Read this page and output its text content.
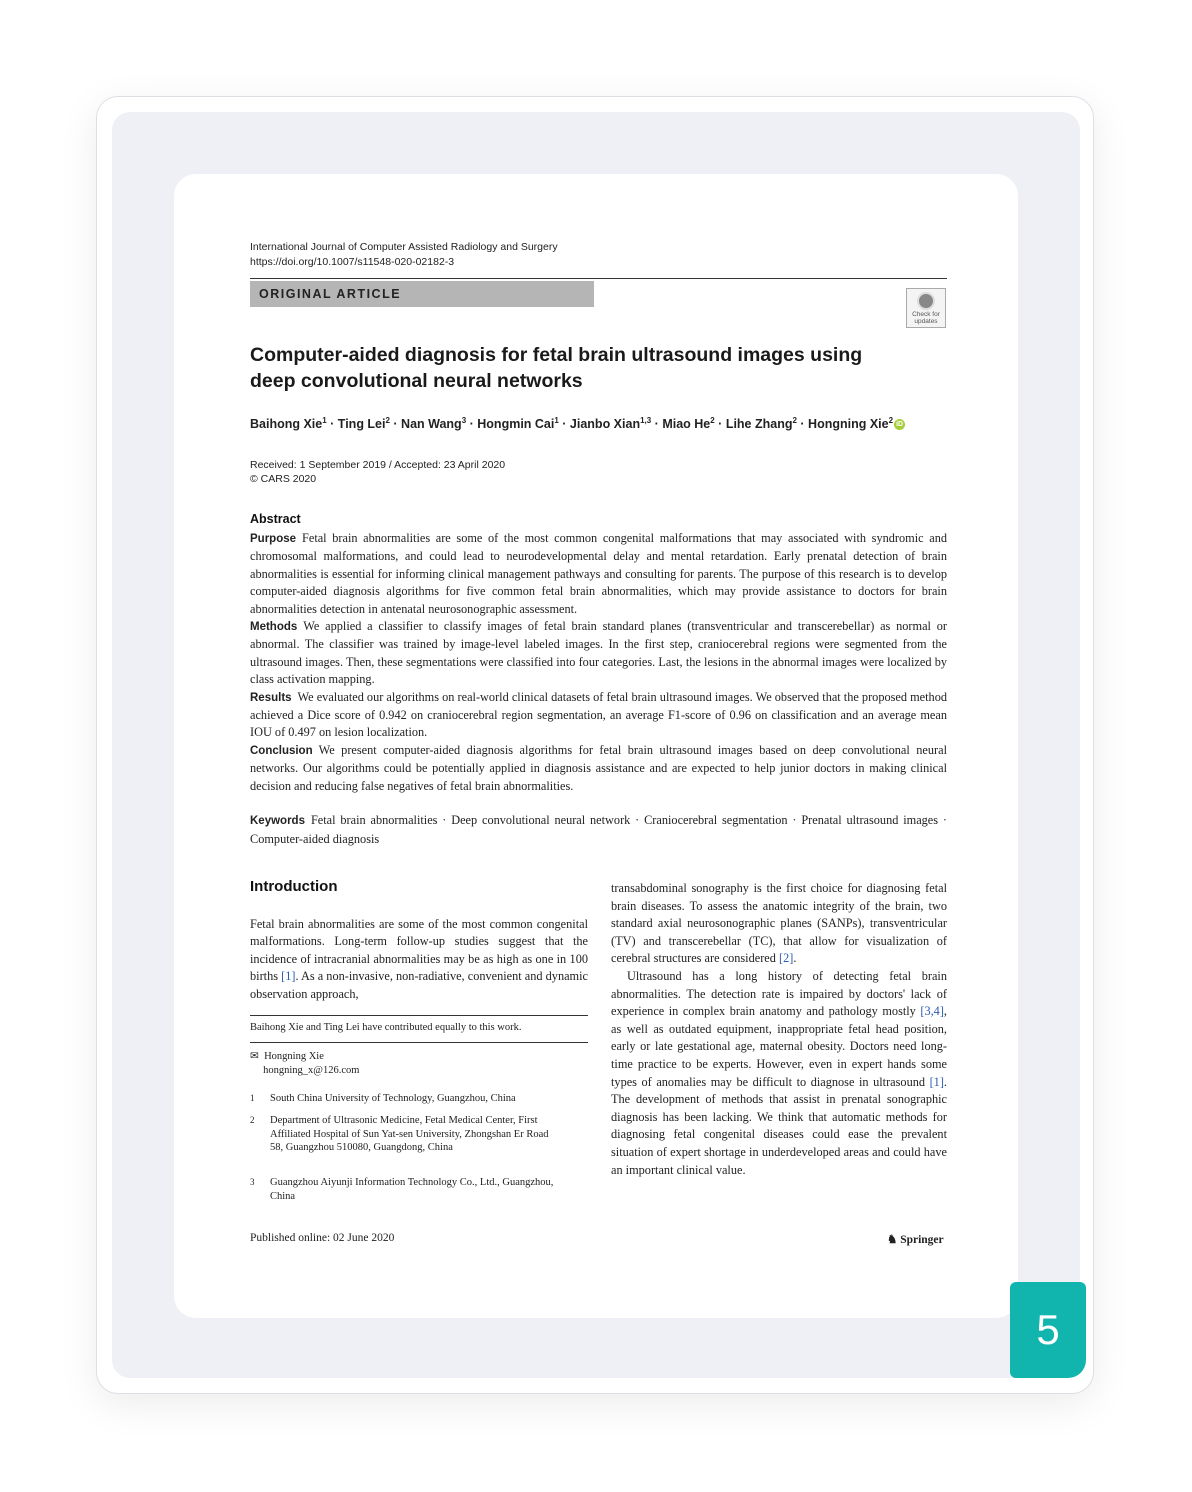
International Journal of Computer Assisted Radiology and Surgery
https://doi.org/10.1007/s11548-020-02182-3
ORIGINAL ARTICLE
Check for updates
Computer-aided diagnosis for fetal brain ultrasound images using deep convolutional neural networks
Baihong Xie$^1$ · Ting Lei$^2$ · Nan Wang$^3$ · Hongmin Cai$^1$ · Jianbo Xian$^{1,3}$ · Miao $He^2$ · Lihe Zhang$^2$ · Hongning Xie$^2$ iD
Received: 1 September 2019 / Accepted: 23 April 2020
© CARS 2020
Abstract

Purpose Fetal brain abnormalities are some of the most common congenital malformations that may associated with syndromic and chromosomal malformations, and could lead to neurodevelopmental delay and mental retardation. Early prenatal detection of brain abnormalities is essential for informing clinical management pathways and consulting for parents. The purpose of this research is to develop computer-aided diagnosis algorithms for five common fetal brain abnormalities, which may provide assistance to doctors for brain abnormalities detection in antenatal neurosonographic assessment.

Methods We applied a classifier to classify images of fetal brain standard planes (transventricular and transcerebellar) as normal or abnormal. The classifier was trained by image-level labeled images. In the first step, craniocerebral regions were segmented from the ultrasound images. Then, these segmentations were classified into four categories. Last, the lesions in the abnormal images were localized by class activation mapping.

Results We evaluated our algorithms on real-world clinical datasets of fetal brain ultrasound images. We observed that the proposed method achieved a Dice score of 0.942 on craniocerebral region segmentation, an average F1-score of 0.96 on classification and an average mean IOU of 0.497 on lesion localization.

Conclusion We present computer-aided diagnosis algorithms for fetal brain ultrasound images based on deep convolutional neural networks. Our algorithms could be potentially applied in diagnosis assistance and are expected to help junior doctors in making clinical decision and reducing false negatives of fetal brain abnormalities.

Keywords Fetal brain abnormalities · Deep convolutional neural network · Craniocerebral segmentation · Prenatal ultrasound images · Computer-aided diagnosis
Introduction
Fetal brain abnormalities are some of the most common congenital malformations. Long-term follow-up studies suggest that the incidence of intracranial abnormalities may be as high as one in 100 births [1]. As a non-invasive, non-radiative, convenient and dynamic observation approach,

transabdominal sonography is the first choice for diagnosing fetal brain diseases. To assess the anatomic integrity of the brain, two standard axial neurosonographic planes (SANPs), transventricular (TV) and transcerebellar (TC), that allow for visualization of cerebral structures are considered [2].

Ultrasound has a long history of detecting fetal brain abnormalities. The detection rate is impaired by doctors' lack of experience in complex brain anatomy and pathology mostly [3,4], as well as outdated equipment, inappropriate fetal head position, early or late gestational age, maternal obesity. Doctors need long-time practice to be experts. However, even in expert hands some types of anomalies may be difficult to diagnose in ultrasound [1]. The development of methods that assist in prenatal sonographic diagnosis has been lacking. We think that automatic methods for diagnosing fetal congenital diseases could ease the prevalent situation of expert shortage in underdeveloped areas and could have an important clinical value.

Baihong Xie and Ting Lei have contributed equally to this work.
✉ Hongning Xie
hongning_x@126.com
1 South China University of Technology, Guangzhou, China
2 Department of Ultrasonic Medicine, Fetal Medical Center, First Affiliated Hospital of Sun Yat-sen University, Zhongshan Er Road 58, Guangzhou 510080, Guangdong, China
3 Guangzhou Aiyunji Information Technology Co., Ltd., Guangzhou, China
Published online: 02 June 2020	♞ Springer
5
